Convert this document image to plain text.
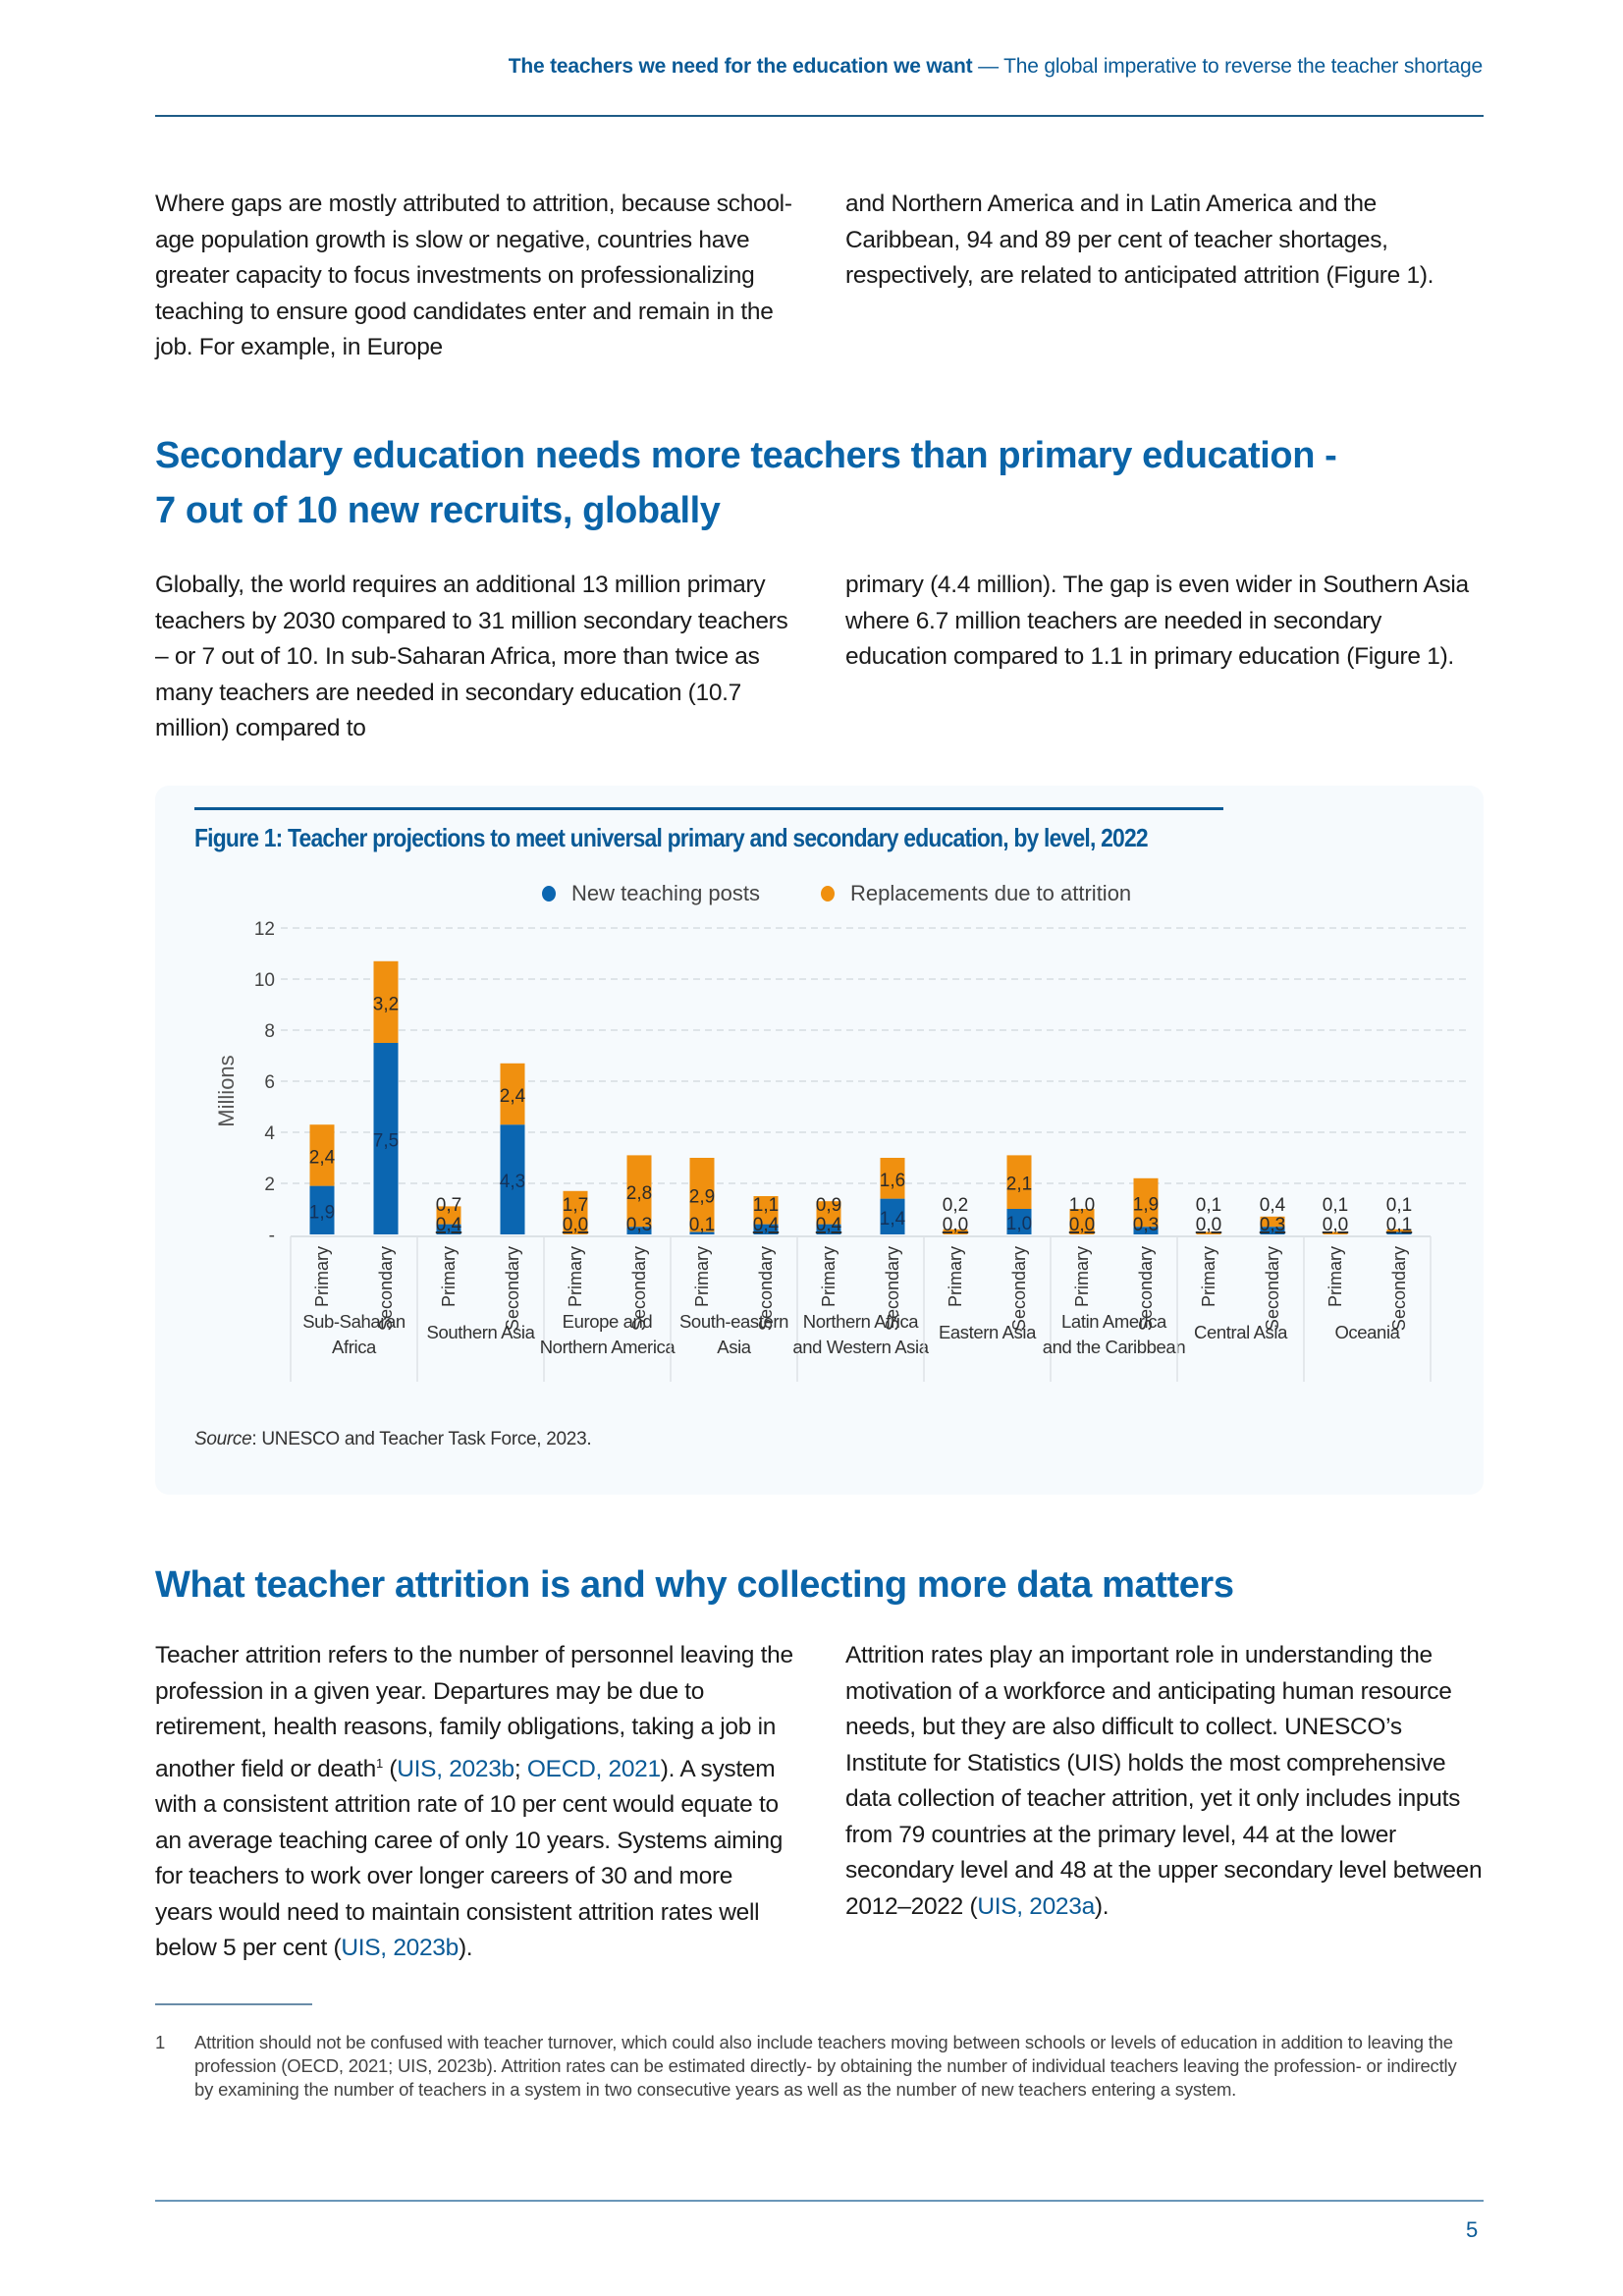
The teachers we need for the education we want — The global imperative to reverse the teacher shortage

Where gaps are mostly attributed to attrition, because school-age population growth is slow or negative, countries have greater capacity to focus investments on professionalizing teaching to ensure good candidates enter and remain in the job. For example, in Europe

and Northern America and in Latin America and the Caribbean, 94 and 89 per cent of teacher shortages, respectively, are related to anticipated attrition (Figure 1).

Secondary education needs more teachers than primary education -
7 out of 10 new recruits, globally

Globally, the world requires an additional 13 million primary teachers by 2030 compared to 31 million secondary teachers – or 7 out of 10. In sub-Saharan Africa, more than twice as many teachers are needed in secondary education (10.7 million) compared to

primary (4.4 million). The gap is even wider in Southern Asia where 6.7 million teachers are needed in secondary education compared to 1.1 in primary education (Figure 1).

Figure 1: Teacher projections to meet universal primary and secondary education, by level, 2022
New teaching posts	Replacements due to attrition
Millions
-
2
4
6
8
10
12
1,9
2,4
Primary
7,5
3,2
Secondary
Sub-Saharan
Africa
0,4
0,7
Primary
4,3
2,4
Secondary
Southern Asia
0,0
1,7
Primary
0,3
2,8
Secondary
Europe and
Northern America
0,1
2,9
Primary
0,4
1,1
Secondary
South-eastern
Asia
0,4
0,9
Primary
1,4
1,6
Secondary
Northern Africa
and Western Asia
0,0
0,2
Primary
1,0
2,1
Secondary
Eastern Asia
0,0
1,0
Primary
0,3
1,9
Secondary
Latin America
and the Caribbean
0,0
0,1
Primary
0,3
0,4
Secondary
Central Asia
0,0
0,1
Primary
0,1
0,1
Secondary
Oceania
Source: UNESCO and Teacher Task Force, 2023.
What teacher attrition is and why collecting more data matters

Teacher attrition refers to the number of personnel leaving the profession in a given year. Departures may be due to retirement, health reasons, family obligations, taking a job in another field or death$^1$ (UIS, 2023b; OECD, 2021). A system with a consistent attrition rate of 10 per cent would equate to an average teaching caree of only 10 years. Systems aiming for teachers to work over longer careers of 30 and more years would need to maintain consistent attrition rates well below 5 per cent (UIS, 2023b).

Attrition rates play an important role in understanding the motivation of a workforce and anticipating human resource needs, but they are also difficult to collect. UNESCO’s Institute for Statistics (UIS) holds the most comprehensive data collection of teacher attrition, yet it only includes inputs from 79 countries at the primary level, 44 at the lower secondary level and 48 at the upper secondary level between 2012–2022 (UIS, 2023a).

1	Attrition should not be confused with teacher turnover, which could also include teachers moving between schools or levels of education in addition to leaving the profession (OECD, 2021; UIS, 2023b). Attrition rates can be estimated directly- by obtaining the number of individual teachers leaving the profession- or indirectly by examining the number of teachers in a system in two consecutive years as well as the number of new teachers entering a system.
5
